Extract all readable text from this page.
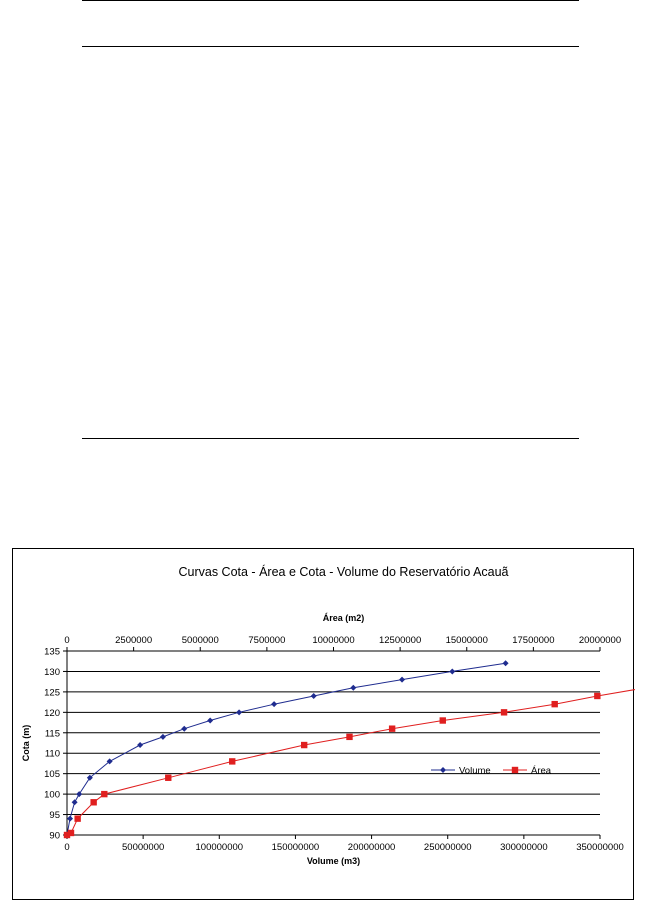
Curvas Cota - Área e Cota - Volume do Reservatório Acauã
90
95
100
105
110
115
120
125
130
135
Cota (m)
0	50000000	100000000	150000000	200000000	250000000	300000000	350000000
Volume (m3)
0	2500000	5000000	7500000	10000000	12500000	15000000	17500000	20000000
Área (m2)
Volume	Área
